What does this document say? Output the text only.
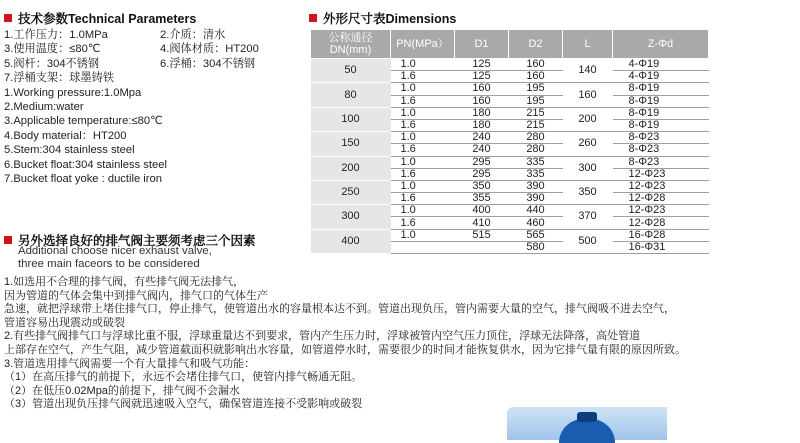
技术参数Technical Parameters
1.工作压力：1.0MPa	2.介质：清水
3.使用温度：≤80℃	4.阀体材质：HT200
5.阀杆：304不锈钢	6.浮桶：304不锈钢
7.浮桶支架：球墨铸铁
1.Working pressure:1.0Mpa
2.Medium:water
3.Applicable temperature:≤80℃
4.Body material：HT200
5.Stem:304 stainless steel
6.Bucket float:304 stainless steel
7.Bucket float yoke : ductile iron
外形尺寸表Dimensions
公称通径 DN(mm)	PN(MPa）	D1	D2	L	Z-Φd
50	1.0	125	160	140	4-Φ19
	1.6	125	160		4-Φ19
80	1.0	160	195	160	8-Φ19
	1.6	160	195		8-Φ19
100	1.0	180	215	200	8-Φ19
	1.6	180	215		8-Φ19
150	1.0	240	280	260	8-Φ23
	1.6	240	280		8-Φ23
200	1.0	295	335	300	8-Φ23
	1.6	295	335		12-Φ23
250	1.0	350	390	350	12-Φ23
	1.6	355	390		12-Φ28
300	1.0	400	440	370	12-Φ23
	1.6	410	460		12-Φ28
400	1.0	515	565	500	16-Φ28
			580		16-Φ31
另外选择良好的排气阀主要须考虑三个因素
Additional choose nicer exhaust valve,
three main faceors to be considered
1.如选用不合理的排气阀，有些排气阀无法排气，
因为管道的气体会集中到排气阀内，排气口的气体生产
急速，就把浮球带上堵住排气口，停止排气，使管道出水的容量根本达不到。管道出现负压，管内需要大量的空气，排气阀吸不进去空气，
管道容易出现震动或破裂
2.有些排气阀排气口与浮球比重不服，浮球重量达不到要求，管内产生压力时，浮球被管内空气压力顶住，浮球无法降落，高处管道
上部存在空气，产生气阻，减少管道截面积就影响出水容量，如管道停水时，需要很少的时间才能恢复供水，因为它排气量有限的原因所致。
3.管道选用排气阀需要一个有大量排气和吸气功能：
（1）在高压排气的前提下，永远不会堵住排气口，使管内排气畅通无阻。
（2）在低压0.02Mpa的前提下，排气阀不会漏水
（3）管道出现负压排气阀就迅速吸入空气，确保管道连接不受影响或破裂
